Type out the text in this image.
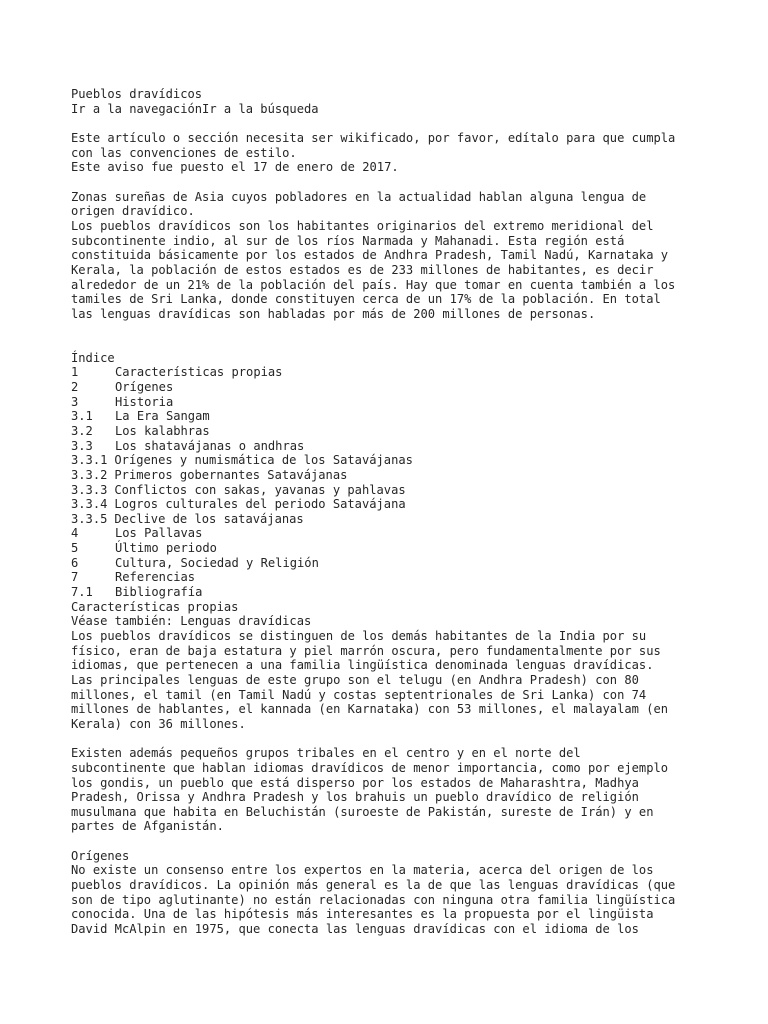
Pueblos dravídicos
Ir a la navegaciónIr a la búsqueda
Este artículo o sección necesita ser wikificado, por favor, edítalo para que cumpla
con las convenciones de estilo.
Este aviso fue puesto el 17 de enero de 2017.
Zonas sureñas de Asia cuyos pobladores en la actualidad hablan alguna lengua de
origen dravídico.
Los pueblos dravídicos son los habitantes originarios del extremo meridional del
subcontinente indio, al sur de los ríos Narmada y Mahanadi. Esta región está
constituida básicamente por los estados de Andhra Pradesh, Tamil Nadú, Karnataka y
Kerala, la población de estos estados es de 233 millones de habitantes, es decir
alrededor de un 21% de la población del país. Hay que tomar en cuenta también a los
tamiles de Sri Lanka, donde constituyen cerca de un 17% de la población. En total
las lenguas dravídicas son habladas por más de 200 millones de personas.
Índice
1	Características propias
2	Orígenes
3	Historia
3.1	La Era Sangam
3.2	Los kalabhras
3.3	Los shatavájanas o andhras
3.3.1 Orígenes y numismática de los Satavájanas
3.3.2 Primeros gobernantes Satavájanas
3.3.3 Conflictos con sakas, yavanas y pahlavas
3.3.4 Logros culturales del periodo Satavájana
3.3.5 Declive de los satavájanas
4	Los Pallavas
5	Último periodo
6	Cultura, Sociedad y Religión
7	Referencias
7.1	Bibliografía
Características propias
Véase también: Lenguas dravídicas
Los pueblos dravídicos se distinguen de los demás habitantes de la India por su
físico, eran de baja estatura y piel marrón oscura, pero fundamentalmente por sus
idiomas, que pertenecen a una familia lingüística denominada lenguas dravídicas.
Las principales lenguas de este grupo son el telugu (en Andhra Pradesh) con 80
millones, el tamil (en Tamil Nadú y costas septentrionales de Sri Lanka) con 74
millones de hablantes, el kannada (en Karnataka) con 53 millones, el malayalam (en
Kerala) con 36 millones.
Existen además pequeños grupos tribales en el centro y en el norte del
subcontinente que hablan idiomas dravídicos de menor importancia, como por ejemplo
los gondis, un pueblo que está disperso por los estados de Maharashtra, Madhya
Pradesh, Orissa y Andhra Pradesh y los brahuis un pueblo dravídico de religión
musulmana que habita en Beluchistán (suroeste de Pakistán, sureste de Irán) y en
partes de Afganistán.
Orígenes
No existe un consenso entre los expertos en la materia, acerca del origen de los
pueblos dravídicos. La opinión más general es la de que las lenguas dravídicas (que
son de tipo aglutinante) no están relacionadas con ninguna otra familia lingüística
conocida. Una de las hipótesis más interesantes es la propuesta por el lingüista
David McAlpin en 1975, que conecta las lenguas dravídicas con el idioma de los
